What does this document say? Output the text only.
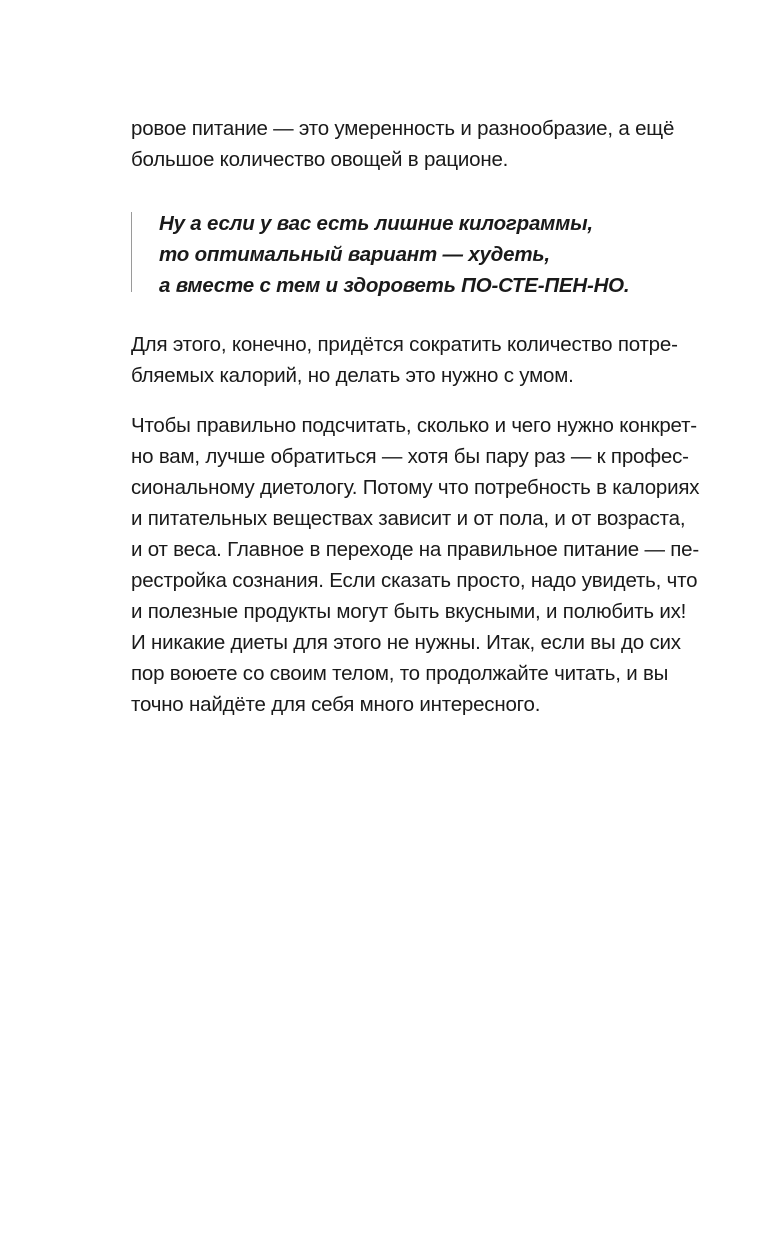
ровое питание — это умеренность и разнообразие, а ещё
большое количество овощей в рационе.
Ну а если у вас есть лишние килограммы,
то оптимальный вариант — худеть,
а вместе с тем и здороветь ПО-СТЕ-ПЕН-НО.
Для этого, конечно, придётся сократить количество потре-
бляемых калорий, но делать это нужно с умом.
Чтобы правильно подсчитать, сколько и чего нужно конкрет-
но вам, лучше обратиться — хотя бы пару раз — к профес-
сиональному диетологу. Потому что потребность в калориях
и питательных веществах зависит и от пола, и от возраста,
и от веса. Главное в переходе на правильное питание — пе-
рестройка сознания. Если сказать просто, надо увидеть, что
и полезные продукты могут быть вкусными, и полюбить их!
И никакие диеты для этого не нужны. Итак, если вы до сих
пор воюете со своим телом, то продолжайте читать, и вы
точно найдёте для себя много интересного.
